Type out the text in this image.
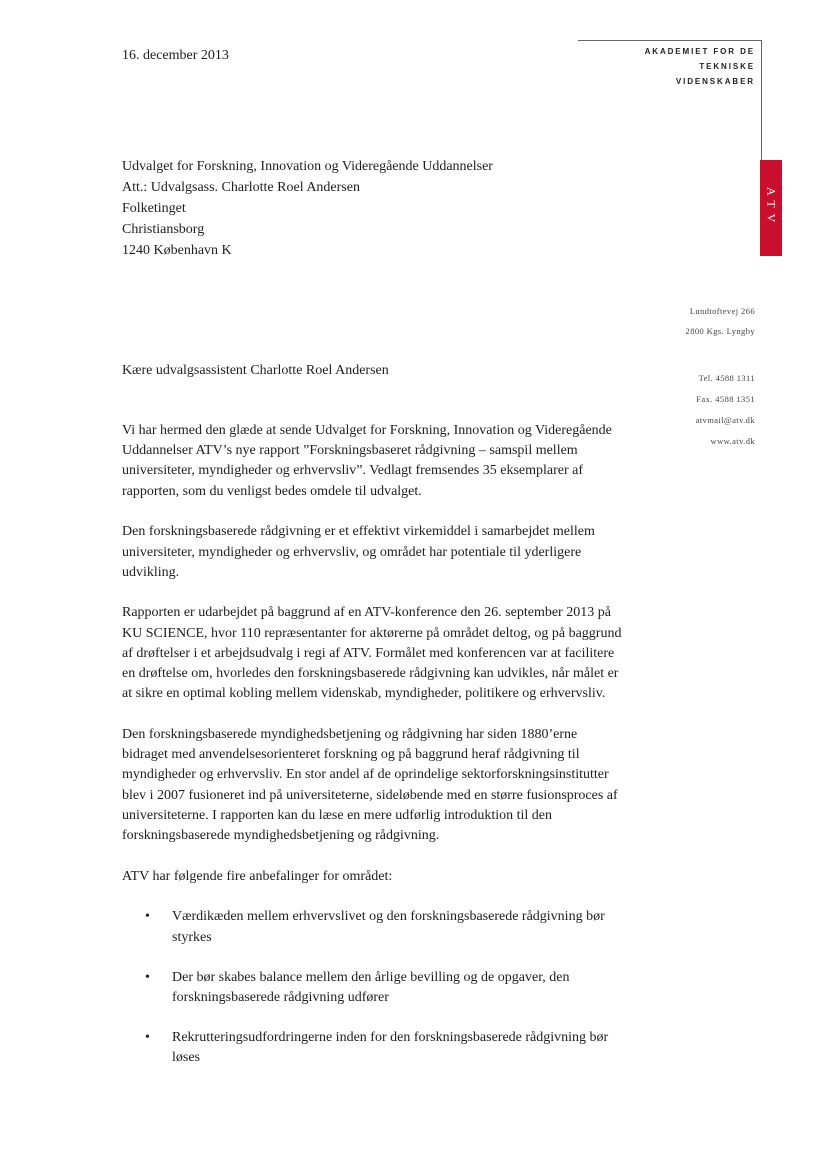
16. december 2013	AKADEMIET FOR DE
TEKNISKE
VIDENSKABER
ATV
Udvalget for Forskning, Innovation og Videregående Uddannelser
Att.: Udvalgsass. Charlotte Roel Andersen
Folketinget
Christiansborg
1240 København K
Lundtoftevej 266
2800 Kgs. Lyngby
Tel. 4588 1311
Fax. 4588 1351
atvmail@atv.dk
www.atv.dk
Kære udvalgsassistent Charlotte Roel Andersen

Vi har hermed den glæde at sende Udvalget for Forskning, Innovation og Videregående Uddannelser ATV’s nye rapport ”Forskningsbaseret rådgivning – samspil mellem universiteter, myndigheder og erhvervsliv”. Vedlagt fremsendes 35 eksemplarer af rapporten, som du venligst bedes omdele til udvalget.

Den forskningsbaserede rådgivning er et effektivt virkemiddel i samarbejdet mellem universiteter, myndigheder og erhvervsliv, og området har potentiale til yderligere udvikling.

Rapporten er udarbejdet på baggrund af en ATV-konference den 26. september 2013 på KU SCIENCE, hvor 110 repræsentanter for aktørerne på området deltog, og på baggrund af drøftelser i et arbejdsudvalg i regi af ATV. Formålet med konferencen var at facilitere en drøftelse om, hvorledes den forskningsbaserede rådgivning kan udvikles, når målet er at sikre en optimal kobling mellem videnskab, myndigheder, politikere og erhvervsliv.

Den forskningsbaserede myndighedsbetjening og rådgivning har siden 1880’erne bidraget med anvendelsesorienteret forskning og på baggrund heraf rådgivning til myndigheder og erhvervsliv. En stor andel af de oprindelige sektorforskningsinstitutter blev i 2007 fusioneret ind på universiteterne, sideløbende med en større fusionsproces af universiteterne. I rapporten kan du læse en mere udførlig introduktion til den forskningsbaserede myndighedsbetjening og rådgivning.

ATV har følgende fire anbefalinger for området:

• Værdikæden mellem erhvervslivet og den forskningsbaserede rådgivning bør styrkes
• Der bør skabes balance mellem den årlige bevilling og de opgaver, den forskningsbaserede rådgivning udfører
• Rekrutteringsudfordringerne inden for den forskningsbaserede rådgivning bør løses
